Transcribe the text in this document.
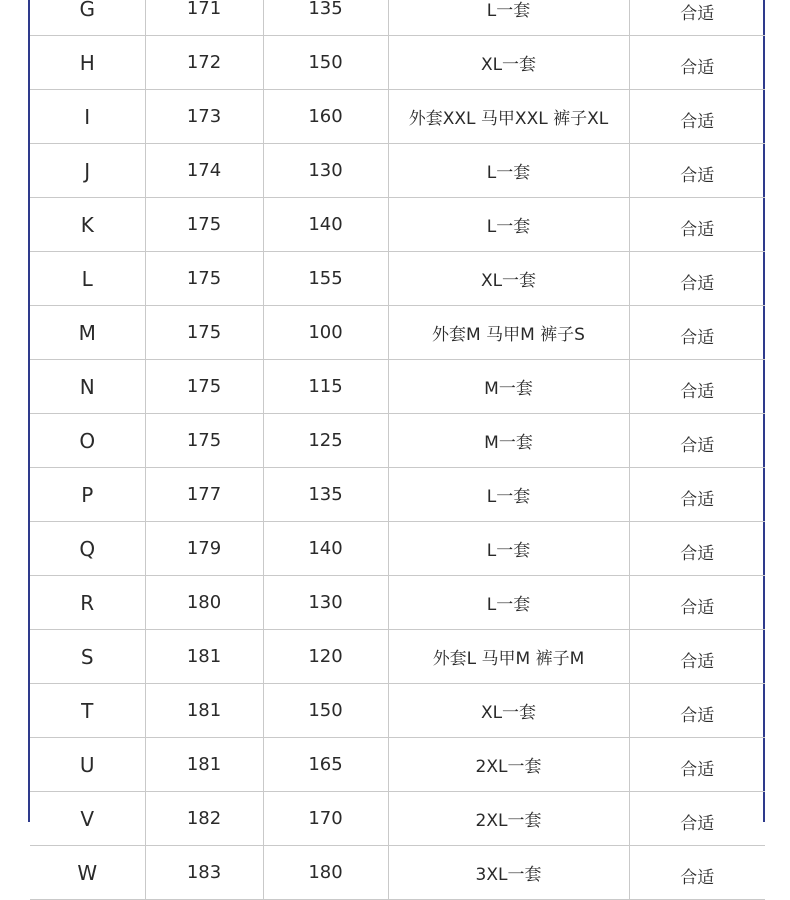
G	171	135	L一套	合适
H	172	150	XL一套	合适
I	173	160	外套XXL 马甲XXL 裤子XL	合适
J	174	130	L一套	合适
K	175	140	L一套	合适
L	175	155	XL一套	合适
M	175	100	外套M 马甲M 裤子S	合适
N	175	115	M一套	合适
O	175	125	M一套	合适
P	177	135	L一套	合适
Q	179	140	L一套	合适
R	180	130	L一套	合适
S	181	120	外套L 马甲M 裤子M	合适
T	181	150	XL一套	合适
U	181	165	2XL一套	合适
V	182	170	2XL一套	合适
W	183	180	3XL一套	合适
